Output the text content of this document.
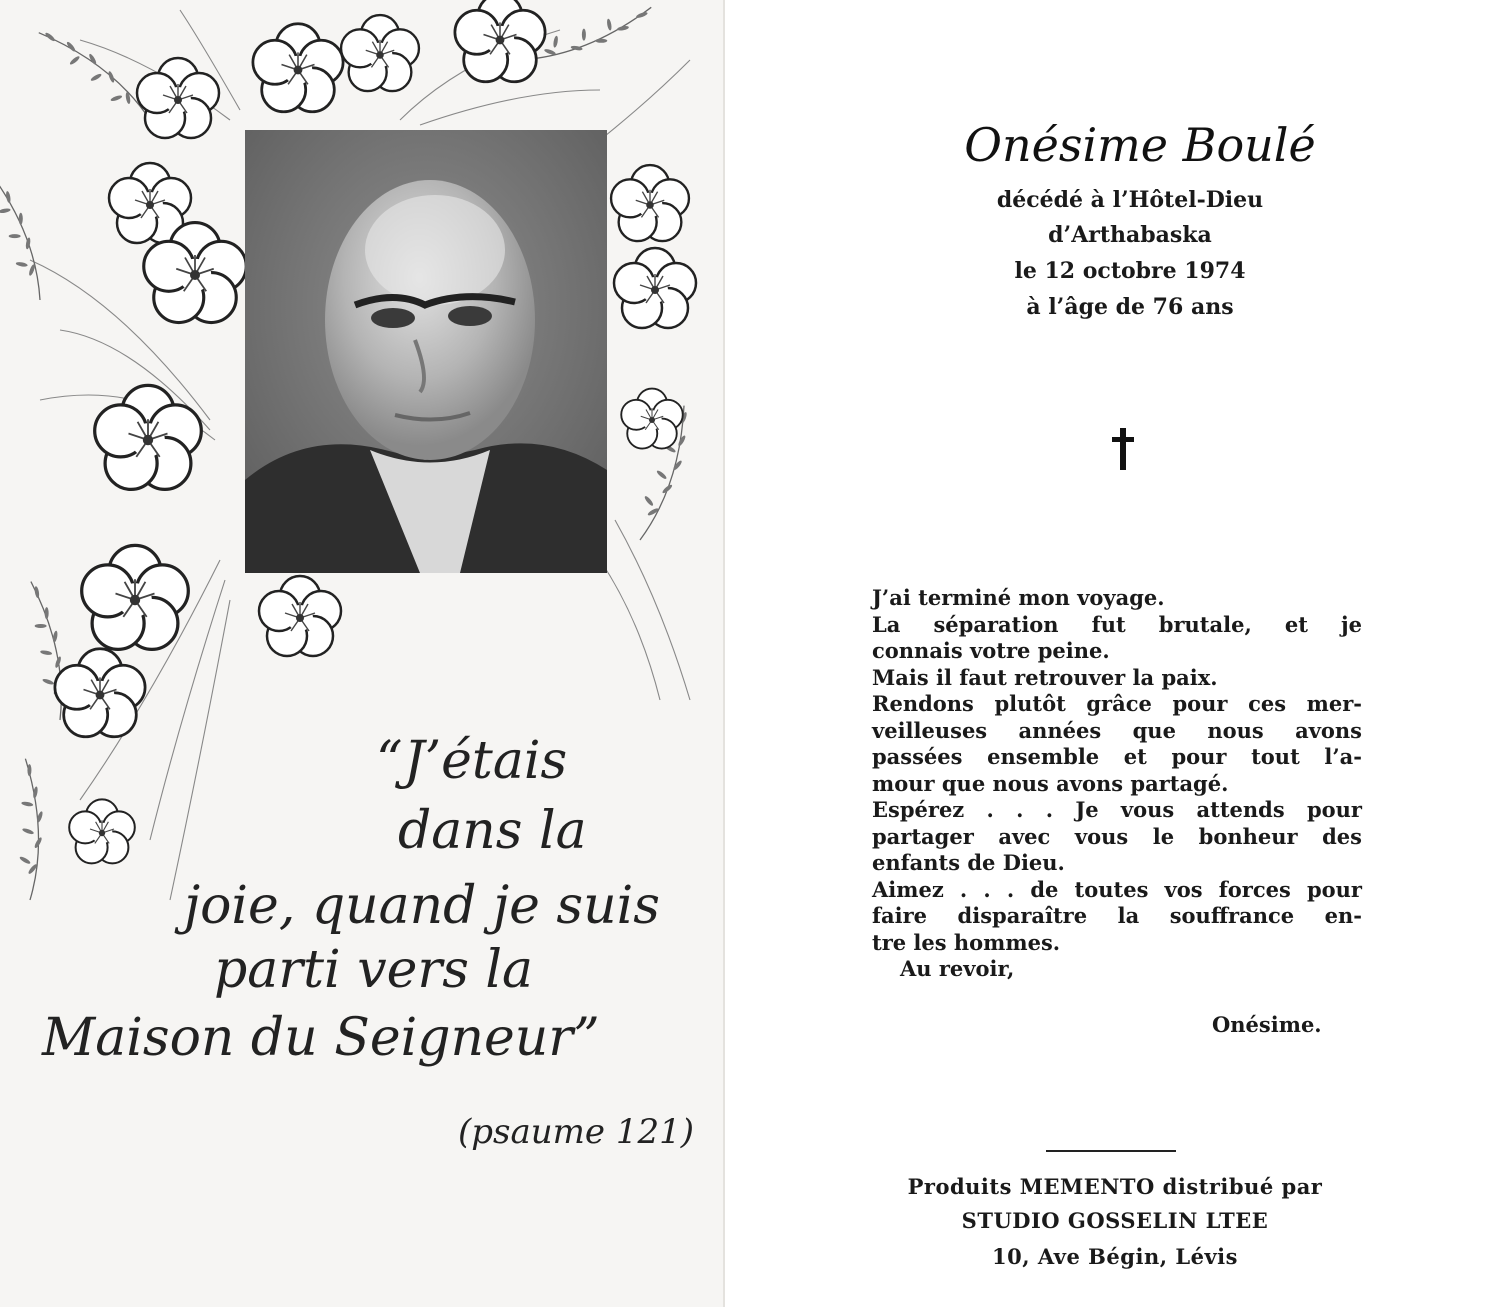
“J’étais
dans la
joie, quand je suis
parti vers la
Maison du Seigneur”
(psaume 121)
Onésime Boulé
décédé à l’Hôtel-Dieu
d’Arthabaska
le 12 octobre 1974
à l’âge de 76 ans
J’ai terminé mon voyage.
La séparation fut brutale, et je
connais votre peine.
Mais il faut retrouver la paix.
Rendons plutôt grâce pour ces mer-
veilleuses années que nous avons
passées ensemble et pour tout l’a-
mour que nous avons partagé.
Espérez . . . Je vous attends pour
partager avec vous le bonheur des
enfants de Dieu.
Aimez . . . de toutes vos forces pour
faire disparaître la souffrance en-
tre les hommes.
Au revoir,
Onésime.
Produits MEMENTO distribué par
STUDIO GOSSELIN LTEE
10, Ave Bégin, Lévis
